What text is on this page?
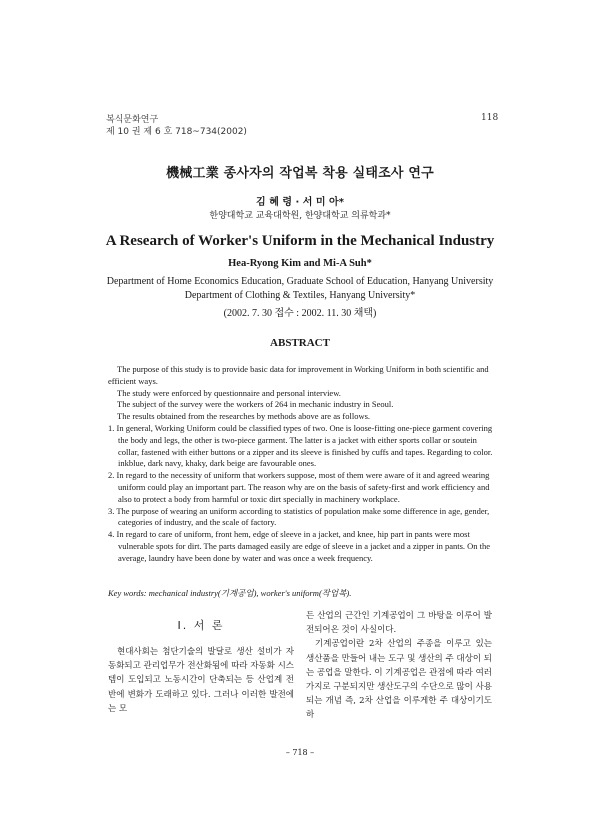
복식문화연구
제 10 권 제 6 호 718~734(2002)
118
機械工業 종사자의 작업복 착용 실태조사 연구
김 혜 령 · 서 미 아*
한양대학교 교육대학원, 한양대학교 의류학과*
A Research of Worker's Uniform in the Mechanical Industry
Hea-Ryong Kim and Mi-A Suh*
Department of Home Economics Education, Graduate School of Education, Hanyang University
Department of Clothing & Textiles, Hanyang University*
(2002. 7. 30 접수 : 2002. 11. 30 채택)
ABSTRACT

The purpose of this study is to provide basic data for improvement in Working Uniform in both scientific and efficient ways.

The study were enforced by questionnaire and personal interview.

The subject of the survey were the workers of 264 in mechanic industry in Seoul.

The results obtained from the researches by methods above are as follows.

1. In general, Working Uniform could be classified types of two. One is loose-fitting one-piece garment covering the body and legs, the other is two-piece garment. The latter is a jacket with either sports collar or soutein collar, fastened with either buttons or a zipper and its sleeve is finished by cuffs and tapes. Regarding to color. inkblue, dark navy, khaky, dark beige are favourable ones.

2. In regard to the necessity of uniform that workers suppose, most of them were aware of it and agreed wearing uniform could play an important part. The reason why are on the basis of safety-first and work efficiency and also to protect a body from harmful or toxic dirt specially in machinery workplace.

3. The purpose of wearing an uniform according to statistics of population make some difference in age, gender, categories of industry, and the scale of factory.

4. In regard to care of uniform, front hem, edge of sleeve in a jacket, and knee, hip part in pants were most vulnerable spots for dirt. The parts damaged easily are edge of sleeve in a jacket and a zipper in pants. On the average, laundry have been done by water and was once a week frequency.

Key words: mechanical industry(기계공업), worker's uniform(작업복).
Ⅰ. 서 론

현대사회는 첨단기술의 발달로 생산 설비가 자동화되고 관리업무가 전산화됨에 따라 자동화 시스템이 도입되고 노동시간이 단축되는 등 산업계 전반에 변화가 도래하고 있다. 그러나 이러한 발전에는 모

든 산업의 근간인 기계공업이 그 바탕을 이루어 발전되어온 것이 사실이다.

기계공업이란 2차 산업의 주종을 이루고 있는 생산품을 만들어 내는 도구 및 생산의 주 대상이 되는 공업을 말한다. 이 기계공업은 관점에 따라 여러 가지로 구분되지만 생산도구의 수단으로 많이 사용되는 개념 즉, 2차 산업을 이루게한 주 대상이기도 하

– 718 –
